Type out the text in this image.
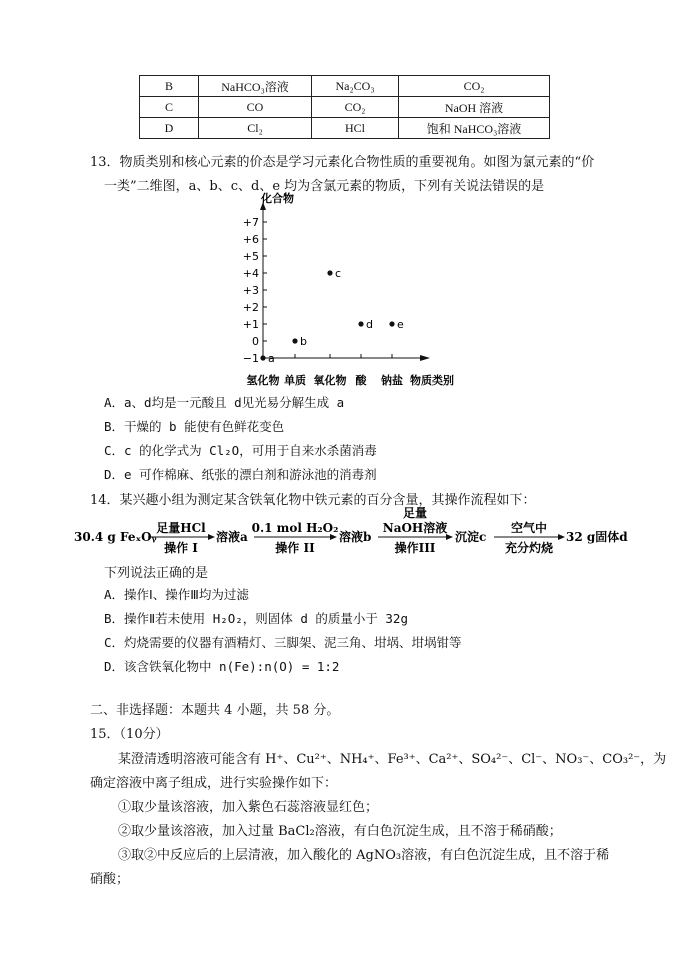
B	NaHCO₃溶液	Na₂CO₃	CO₂
C	CO	CO₂	NaOH 溶液
D	Cl₂	HCl	饱和 NaHCO₃溶液
13．物质类别和核心元素的价态是学习元素化合物性质的重要视角。如图为氯元素的“价
一类”二维图，a、b、c、d、e 均为含氯元素的物质，下列有关说法错误的是
化合物
物质类别
+7
+6
+5
+4
+3
+2
+1
0
−1
氢化物 单质 氧化物 酸 钠盐
a
b
c
d e
A．a、d均是一元酸且 d见光易分解生成 a
B．干燥的 b 能使有色鲜花变色
C．c 的化学式为 Cl₂O，可用于自来水杀菌消毒
D．e 可作棉麻、纸张的漂白剂和游泳池的消毒剂
14．某兴趣小组为测定某含铁氧化物中铁元素的百分含量，其操作流程如下：
30.4 g FeₓOᵧ
足量HCl
操作 I
溶液a
0.1 mol H₂O₂
操作 II
溶液b
足量
NaOH溶液
操作III
沉淀c
空气中
充分灼烧
32 g固体d
下列说法正确的是
A．操作Ⅰ、操作Ⅲ均为过滤
B．操作Ⅱ若未使用 H₂O₂，则固体 d 的质量小于 32g
C．灼烧需要的仪器有酒精灯、三脚架、泥三角、坩埚、坩埚钳等
D．该含铁氧化物中 n(Fe):n(O) = 1:2
二、非选择题：本题共 4 小题，共 58 分。
15．（10分）
某澄清透明溶液可能含有 H⁺、Cu²⁺、NH₄⁺、Fe³⁺、Ca²⁺、SO₄²⁻、Cl⁻、NO₃⁻、CO₃²⁻，为
确定溶液中离子组成，进行实验操作如下：
①取少量该溶液，加入紫色石蕊溶液显红色；
②取少量该溶液，加入过量 BaCl₂溶液，有白色沉淀生成，且不溶于稀硝酸；
③取②中反应后的上层清液，加入酸化的 AgNO₃溶液，有白色沉淀生成，且不溶于稀
硝酸；
